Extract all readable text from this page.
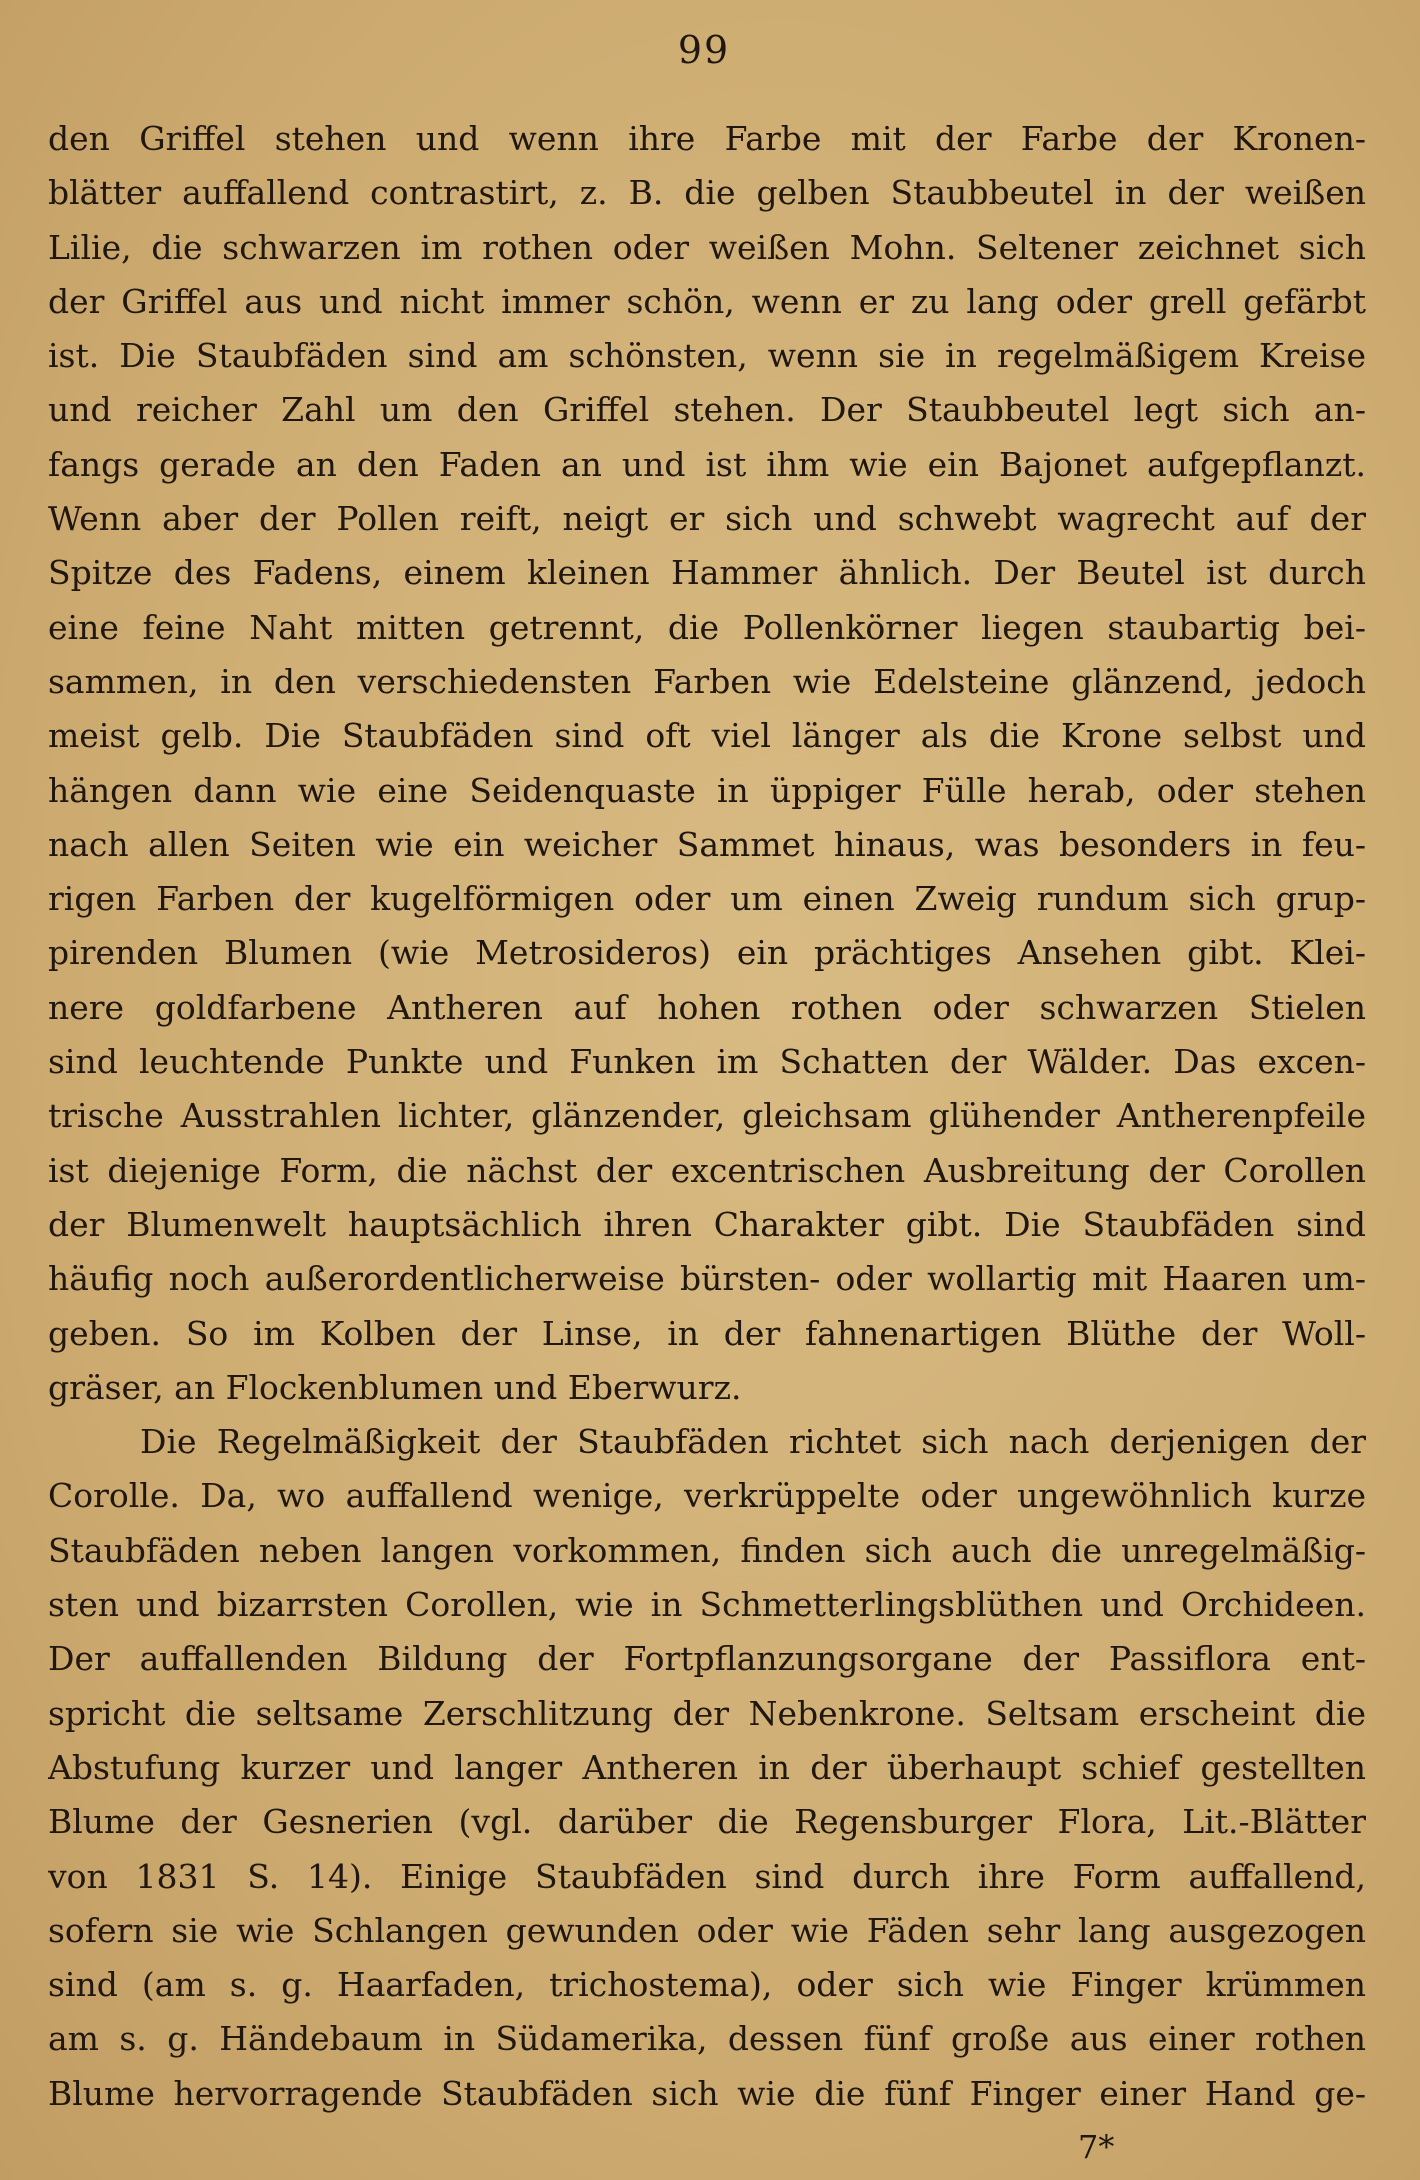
99
den Griffel stehen und wenn ihre Farbe mit der Farbe der Kronen-
blätter auffallend contrastirt, z. B. die gelben Staubbeutel in der weißen
Lilie, die schwarzen im rothen oder weißen Mohn. Seltener zeichnet sich
der Griffel aus und nicht immer schön, wenn er zu lang oder grell gefärbt
ist. Die Staubfäden sind am schönsten, wenn sie in regelmäßigem Kreise
und reicher Zahl um den Griffel stehen. Der Staubbeutel legt sich an-
fangs gerade an den Faden an und ist ihm wie ein Bajonet aufgepflanzt.
Wenn aber der Pollen reift, neigt er sich und schwebt wagrecht auf der
Spitze des Fadens, einem kleinen Hammer ähnlich. Der Beutel ist durch
eine feine Naht mitten getrennt, die Pollenkörner liegen staubartig bei-
sammen, in den verschiedensten Farben wie Edelsteine glänzend, jedoch
meist gelb. Die Staubfäden sind oft viel länger als die Krone selbst und
hängen dann wie eine Seidenquaste in üppiger Fülle herab, oder stehen
nach allen Seiten wie ein weicher Sammet hinaus, was besonders in feu-
rigen Farben der kugelförmigen oder um einen Zweig rundum sich grup-
pirenden Blumen (wie Metrosideros) ein prächtiges Ansehen gibt. Klei-
nere goldfarbene Antheren auf hohen rothen oder schwarzen Stielen
sind leuchtende Punkte und Funken im Schatten der Wälder. Das excen-
trische Ausstrahlen lichter, glänzender, gleichsam glühender Antherenpfeile
ist diejenige Form, die nächst der excentrischen Ausbreitung der Corollen
der Blumenwelt hauptsächlich ihren Charakter gibt. Die Staubfäden sind
häufig noch außerordentlicherweise bürsten- oder wollartig mit Haaren um-
geben. So im Kolben der Linse, in der fahnenartigen Blüthe der Woll-
gräser, an Flockenblumen und Eberwurz.
Die Regelmäßigkeit der Staubfäden richtet sich nach derjenigen der
Corolle. Da, wo auffallend wenige, verkrüppelte oder ungewöhnlich kurze
Staubfäden neben langen vorkommen, finden sich auch die unregelmäßig-
sten und bizarrsten Corollen, wie in Schmetterlingsblüthen und Orchideen.
Der auffallenden Bildung der Fortpflanzungsorgane der Passiflora ent-
spricht die seltsame Zerschlitzung der Nebenkrone. Seltsam erscheint die
Abstufung kurzer und langer Antheren in der überhaupt schief gestellten
Blume der Gesnerien (vgl. darüber die Regensburger Flora, Lit.-Blätter
von 1831 S. 14). Einige Staubfäden sind durch ihre Form auffallend,
sofern sie wie Schlangen gewunden oder wie Fäden sehr lang ausgezogen
sind (am s. g. Haarfaden, trichostema), oder sich wie Finger krümmen
am s. g. Händebaum in Südamerika, dessen fünf große aus einer rothen
Blume hervorragende Staubfäden sich wie die fünf Finger einer Hand ge-
7*
